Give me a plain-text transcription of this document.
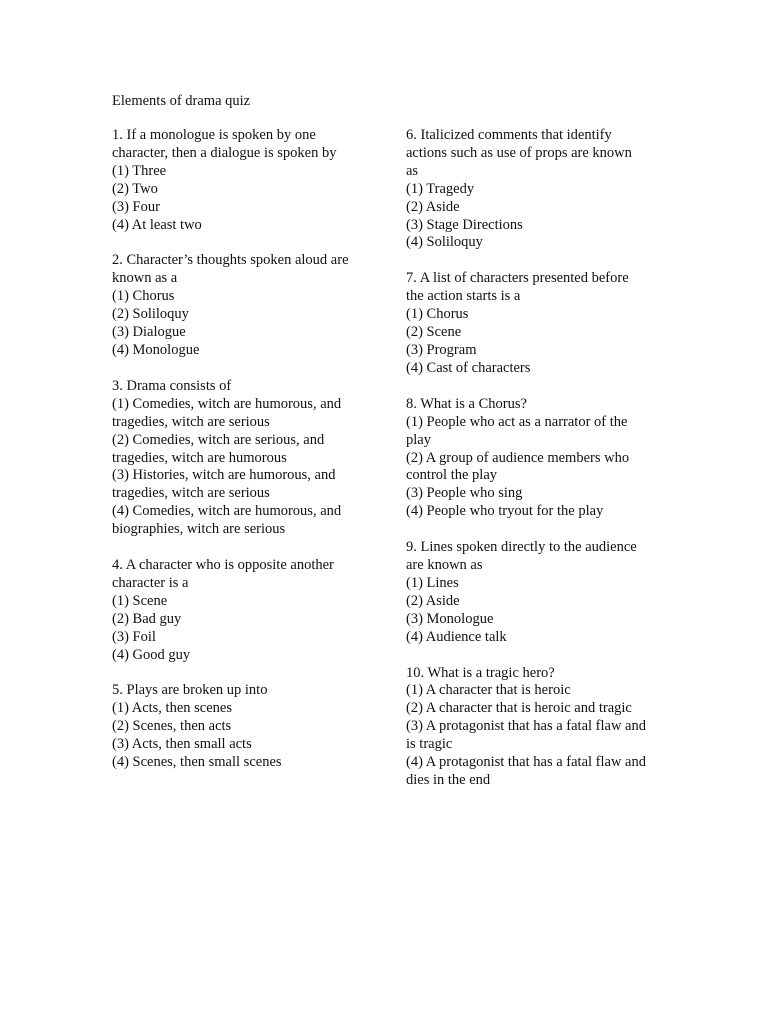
Elements of drama quiz

1. If a monologue is spoken by one character, then a dialogue is spoken by

(1) Three

(2) Two

(3) Four

(4) At least two

2. Character’s thoughts spoken aloud are known as a

(1) Chorus

(2) Soliloquy

(3) Dialogue

(4) Monologue

3. Drama consists of

(1) Comedies, witch are humorous, and tragedies, witch are serious

(2) Comedies, witch are serious, and tragedies, witch are humorous

(3) Histories, witch are humorous, and tragedies, witch are serious

(4) Comedies, witch are humorous, and biographies, witch are serious

4. A character who is opposite another character is a

(1) Scene

(2) Bad guy

(3) Foil

(4) Good guy

5. Plays are broken up into

(1) Acts, then scenes

(2) Scenes, then acts

(3) Acts, then small acts

(4) Scenes, then small scenes

6. Italicized comments that identify actions such as use of props are known as

(1) Tragedy

(2) Aside

(3) Stage Directions

(4) Soliloquy

7. A list of characters presented before the action starts is a

(1) Chorus

(2) Scene

(3) Program

(4) Cast of characters

8. What is a Chorus?

(1) People who act as a narrator of the play

(2) A group of audience members who control the play

(3) People who sing

(4) People who tryout for the play

9. Lines spoken directly to the audience are known as

(1) Lines

(2) Aside

(3) Monologue

(4) Audience talk

10. What is a tragic hero?

(1) A character that is heroic

(2) A character that is heroic and tragic

(3) A protagonist that has a fatal flaw and is tragic

(4) A protagonist that has a fatal flaw and dies in the end
